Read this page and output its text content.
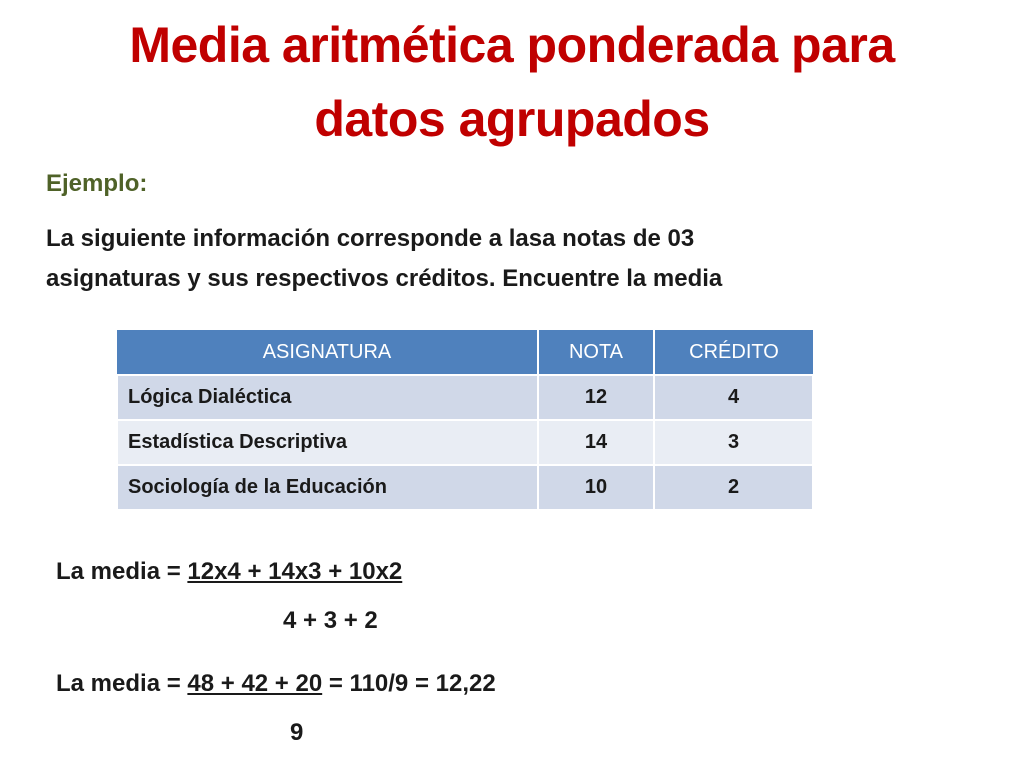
Media aritmética ponderada para
datos agrupados
Ejemplo:
La siguiente información corresponde a lasa notas de 03
asignaturas y sus respectivos créditos. Encuentre la media
ASIGNATURA	NOTA	CRÉDITO
Lógica Dialéctica	12	4
Estadística Descriptiva	14	3
Sociología de la Educación	10	2
La media = 12x4 + 14x3 + 10x2
4 + 3 + 2
La media = 48 + 42 + 20 = 110/9 = 12,22
9
